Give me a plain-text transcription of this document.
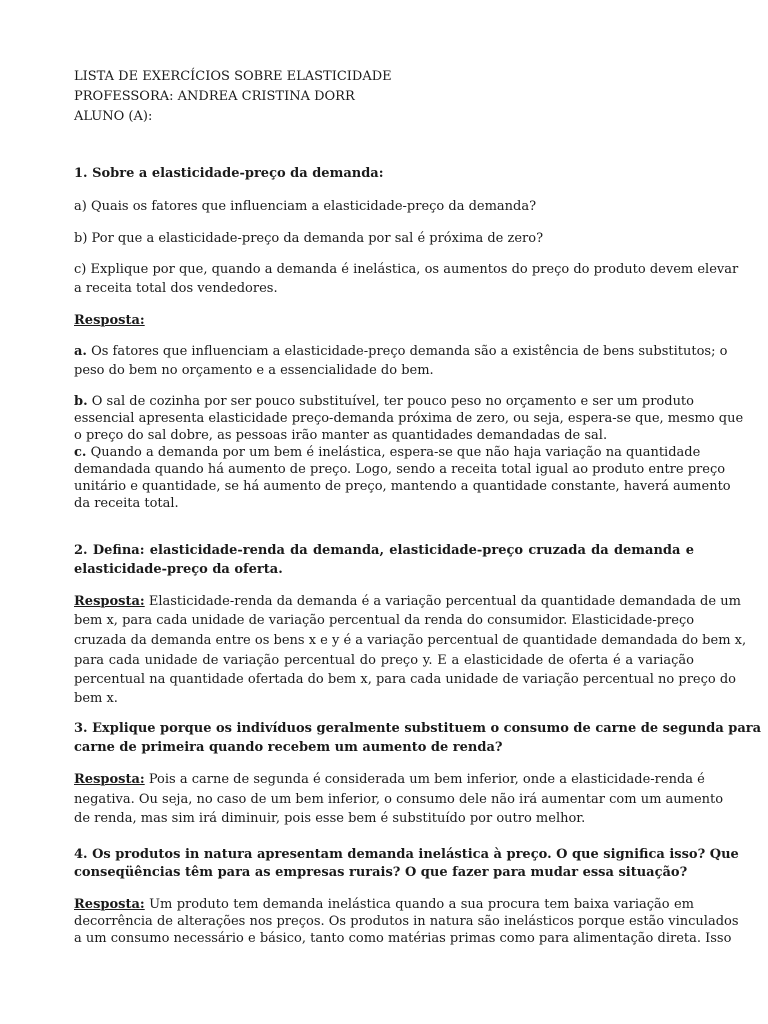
LISTA DE EXERCÍCIOS SOBRE ELASTICIDADE

PROFESSORA: ANDREA CRISTINA DORR

ALUNO (A):

1. Sobre a elasticidade-preço da demanda:

a) Quais os fatores que influenciam a elasticidade-preço da demanda?

b) Por que a elasticidade-preço da demanda por sal é próxima de zero?

c) Explique por que, quando a demanda é inelástica, os aumentos do preço do produto devem elevar

a receita total dos vendedores.

Resposta:

a. Os fatores que influenciam a elasticidade-preço demanda são a existência de bens substitutos; o

peso do bem no orçamento e a essencialidade do bem.

b. O sal de cozinha por ser pouco substituível, ter pouco peso no orçamento e ser um produto

essencial apresenta elasticidade preço-demanda próxima de zero, ou seja, espera-se que, mesmo que

o preço do sal dobre, as pessoas irão manter as quantidades demandadas de sal.

c. Quando a demanda por um bem é inelástica, espera-se que não haja variação na quantidade

demandada quando há aumento de preço. Logo, sendo a receita total igual ao produto entre preço

unitário e quantidade, se há aumento de preço, mantendo a quantidade constante, haverá aumento

da receita total.

2. Defina: elasticidade-renda da demanda, elasticidade-preço cruzada da demanda e

elasticidade-preço da oferta.

Resposta: Elasticidade-renda da demanda é a variação percentual da quantidade demandada de um

bem x, para cada unidade de variação percentual da renda do consumidor. Elasticidade-preço

cruzada da demanda entre os bens x e y é a variação percentual de quantidade demandada do bem x,

para cada unidade de variação percentual do preço y. E a elasticidade de oferta é a variação

percentual na quantidade ofertada do bem x, para cada unidade de variação percentual no preço do

bem x.

3. Explique porque os indivíduos geralmente substituem o consumo de carne de segunda para

carne de primeira quando recebem um aumento de renda?

Resposta: Pois a carne de segunda é considerada um bem inferior, onde a elasticidade-renda é

negativa. Ou seja, no caso de um bem inferior, o consumo dele não irá aumentar com um aumento

de renda, mas sim irá diminuir, pois esse bem é substituído por outro melhor.

4. Os produtos in natura apresentam demanda inelástica à preço. O que significa isso? Que

conseqüências têm para as empresas rurais? O que fazer para mudar essa situação?

Resposta: Um produto tem demanda inelástica quando a sua procura tem baixa variação em

decorrência de alterações nos preços. Os produtos in natura são inelásticos porque estão vinculados

a um consumo necessário e básico, tanto como matérias primas como para alimentação direta. Isso
